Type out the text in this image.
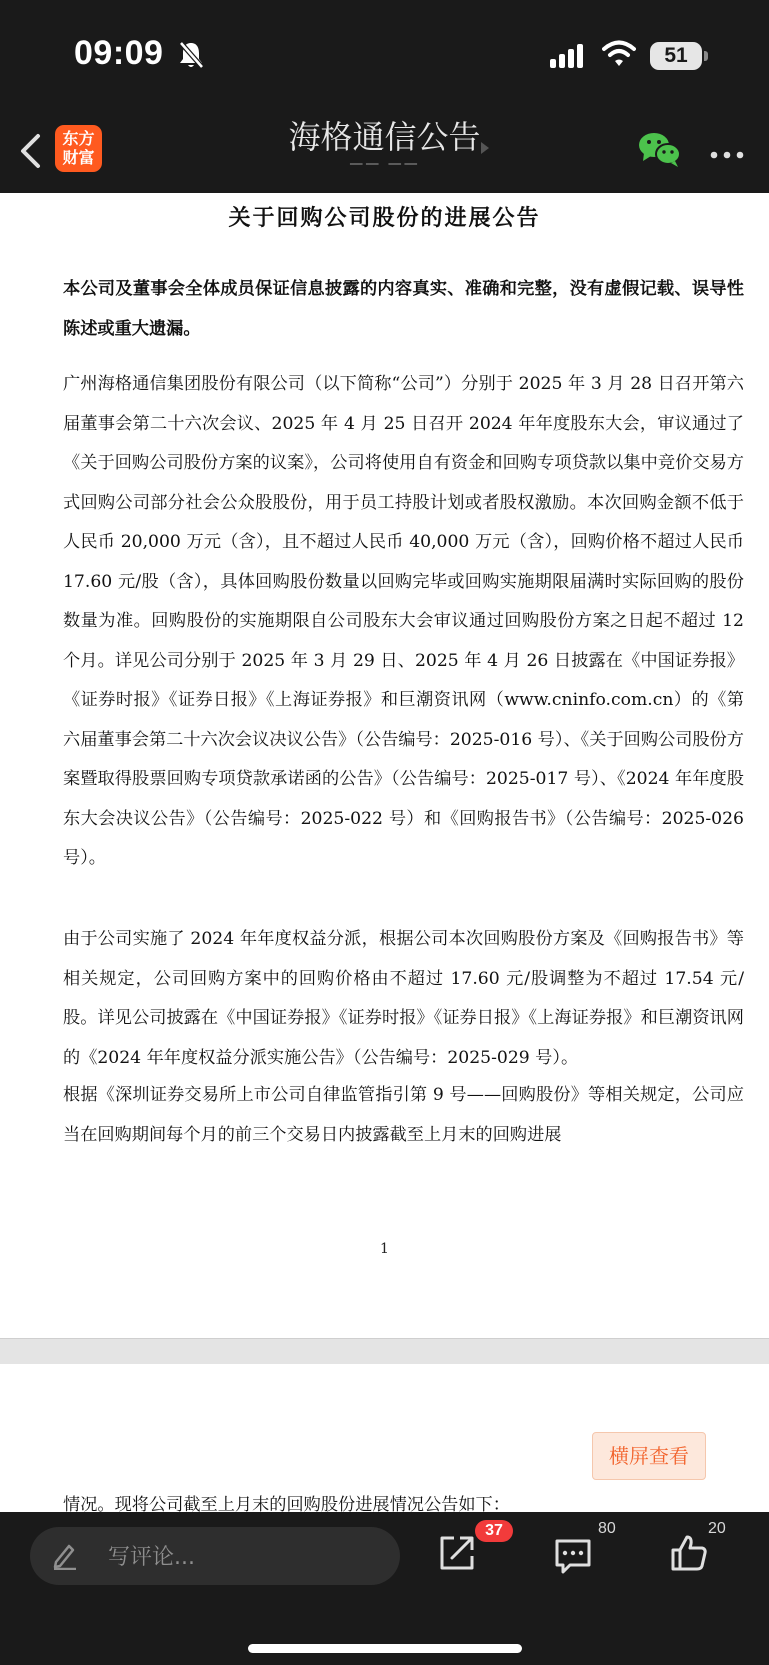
09:09	51
东方
财富
海格通信公告
—— ——
关于回购公司股份的进展公告
本公司及董事会全体成员保证信息披露的内容真实、准确和完整，没有虚假记载、误导性陈述或重大遗漏。
广州海格通信集团股份有限公司（以下简称“公司”）分别于 2025 年 3 月 28 日召开第六届董事会第二十六次会议、2025 年 4 月 25 日召开 2024 年年度股东大会，审议通过了《关于回购公司股份方案的议案》，公司将使用自有资金和回购专项贷款以集中竞价交易方式回购公司部分社会公众股股份，用于员工持股计划或者股权激励。本次回购金额不低于人民币 20,000 万元（含），且不超过人民币 40,000 万元（含），回购价格不超过人民币 17.60 元/股（含），具体回购股份数量以回购完毕或回购实施期限届满时实际回购的股份数量为准。回购股份的实施期限自公司股东大会审议通过回购股份方案之日起不超过 12 个月。详见公司分别于 2025 年 3 月 29 日、2025 年 4 月 26 日披露在《中国证券报》《证券时报》《证券日报》《上海证券报》和巨潮资讯网（www.cninfo.com.cn）的《第六届董事会第二十六次会议决议公告》（公告编号：2025-016 号）、《关于回购公司股份方案暨取得股票回购专项贷款承诺函的公告》（公告编号：2025-017 号）、《2024 年年度股东大会决议公告》（公告编号：2025-022 号）和《回购报告书》（公告编号：2025-026 号）。
由于公司实施了 2024 年年度权益分派，根据公司本次回购股份方案及《回购报告书》等相关规定，公司回购方案中的回购价格由不超过 17.60 元/股调整为不超过 17.54 元/股。详见公司披露在《中国证券报》《证券时报》《证券日报》《上海证券报》和巨潮资讯网的《2024 年年度权益分派实施公告》（公告编号：2025-029 号）。
根据《深圳证券交易所上市公司自律监管指引第 9 号——回购股份》等相关规定，公司应当在回购期间每个月的前三个交易日内披露截至上月末的回购进展
1
横屏查看
情况。现将公司截至上月末的回购股份进展情况公告如下：
写评论...
37	80	20
